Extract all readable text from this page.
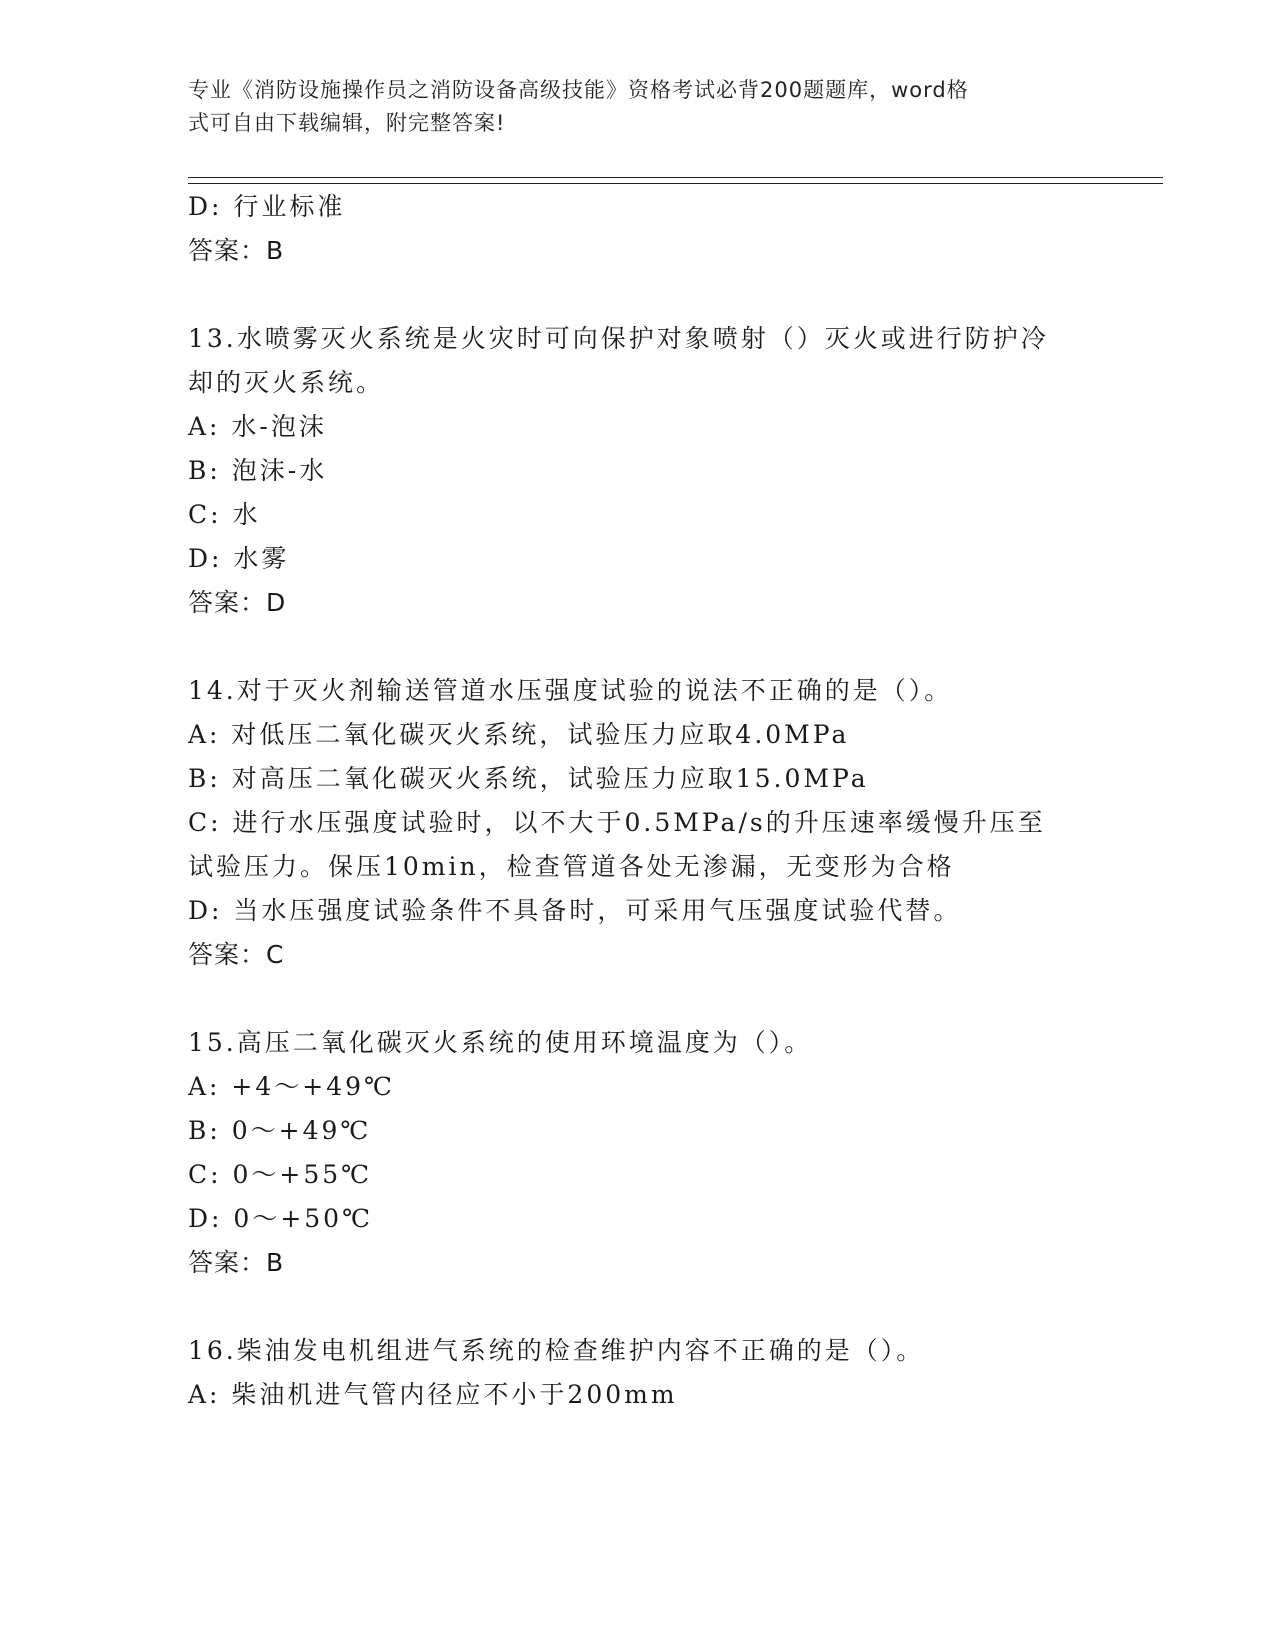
专业《消防设施操作员之消防设备高级技能》资格考试必背200题题库，word格
式可自由下载编辑，附完整答案!
D: 行业标准
答案：B
13.水喷雾灭火系统是火灾时可向保护对象喷射（）灭火或进行防护冷
却的灭火系统。
A: 水-泡沫
B: 泡沫-水
C: 水
D: 水雾
答案：D
14.对于灭火剂输送管道水压强度试验的说法不正确的是（）。
A: 对低压二氧化碳灭火系统，试验压力应取4.0MPa
B: 对高压二氧化碳灭火系统，试验压力应取15.0MPa
C: 进行水压强度试验时，以不大于0.5MPa/s的升压速率缓慢升压至
试验压力。保压10min，检查管道各处无渗漏，无变形为合格
D: 当水压强度试验条件不具备时，可采用气压强度试验代替。
答案：C
15.高压二氧化碳灭火系统的使用环境温度为（）。
A: +4～+49℃
B: 0～+49℃
C: 0～+55℃
D: 0～+50℃
答案：B
16.柴油发电机组进气系统的检查维护内容不正确的是（）。
A: 柴油机进气管内径应不小于200mm
